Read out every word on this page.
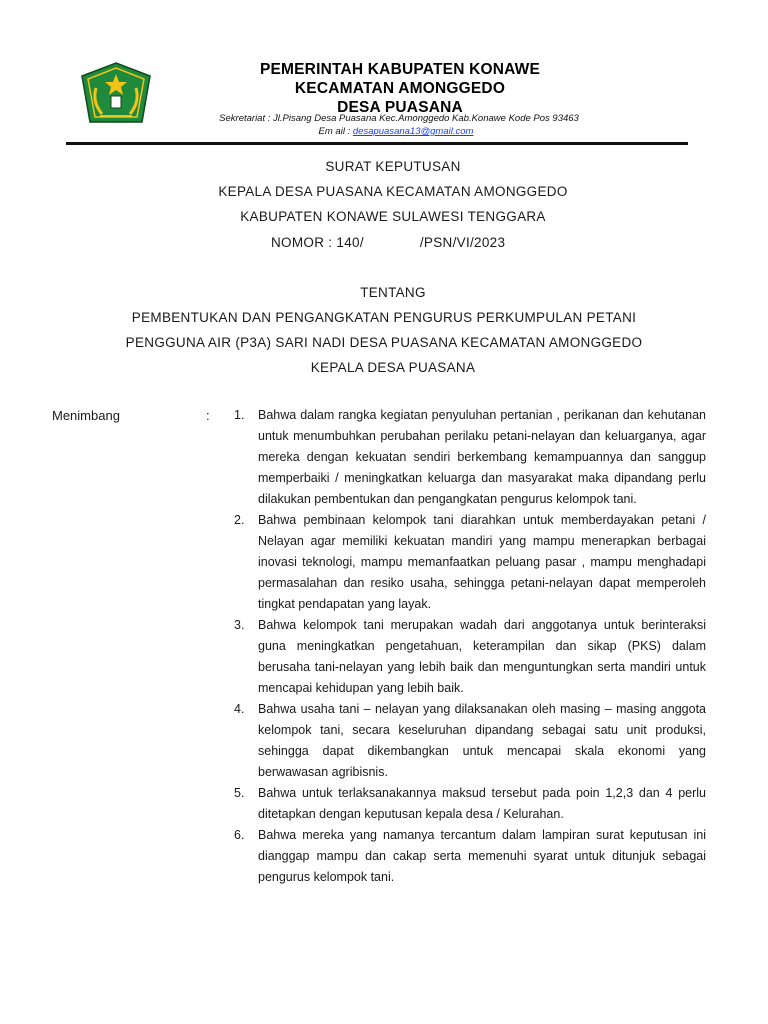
PEMERINTAH KABUPATEN KONAWE
KECAMATAN AMONGGEDO
DESA PUASANA
Sekretariat : Jl.Pisang Desa Puasana Kec.Amonggedo Kab.Konawe Kode Pos 93463
Em ail : desapuasana13@gmail.com
SURAT KEPUTUSAN
KEPALA DESA PUASANA KECAMATAN AMONGGEDO
KABUPATEN KONAWE SULAWESI TENGGARA
NOMOR : 140/	/PSN/VI/2023
TENTANG
PEMBENTUKAN DAN PENGANGKATAN PENGURUS PERKUMPULAN PETANI
PENGGUNA AIR (P3A) SARI NADI DESA PUASANA KECAMATAN AMONGGEDO
KEPALA DESA PUASANA
Menimbang	: 1. Bahwa dalam rangka kegiatan penyuluhan pertanian , perikanan dan kehutanan untuk menumbuhkan perubahan perilaku petani-nelayan dan keluarganya, agar mereka dengan kekuatan sendiri berkembang kemampuannya dan sanggup memperbaiki / meningkatkan keluarga dan masyarakat maka dipandang perlu dilakukan pembentukan dan pengangkatan pengurus kelompok tani.
2. Bahwa pembinaan kelompok tani diarahkan untuk memberdayakan petani / Nelayan agar memiliki kekuatan mandiri yang mampu menerapkan berbagai inovasi teknologi, mampu memanfaatkan peluang pasar , mampu menghadapi permasalahan dan resiko usaha, sehingga petani-nelayan dapat memperoleh tingkat pendapatan yang layak.
3. Bahwa kelompok tani merupakan wadah dari anggotanya untuk berinteraksi guna meningkatkan pengetahuan, keterampilan dan sikap (PKS) dalam berusaha tani-nelayan yang lebih baik dan menguntungkan serta mandiri untuk mencapai kehidupan yang lebih baik.
4. Bahwa usaha tani – nelayan yang dilaksanakan oleh masing – masing anggota kelompok tani, secara keseluruhan dipandang sebagai satu unit produksi, sehingga dapat dikembangkan untuk mencapai skala ekonomi yang berwawasan agribisnis.
5. Bahwa untuk terlaksanakannya maksud tersebut pada poin 1,2,3 dan 4 perlu ditetapkan dengan keputusan kepala desa / Kelurahan.
6. Bahwa mereka yang namanya tercantum dalam lampiran surat keputusan ini dianggap mampu dan cakap serta memenuhi syarat untuk ditunjuk sebagai pengurus kelompok tani.
